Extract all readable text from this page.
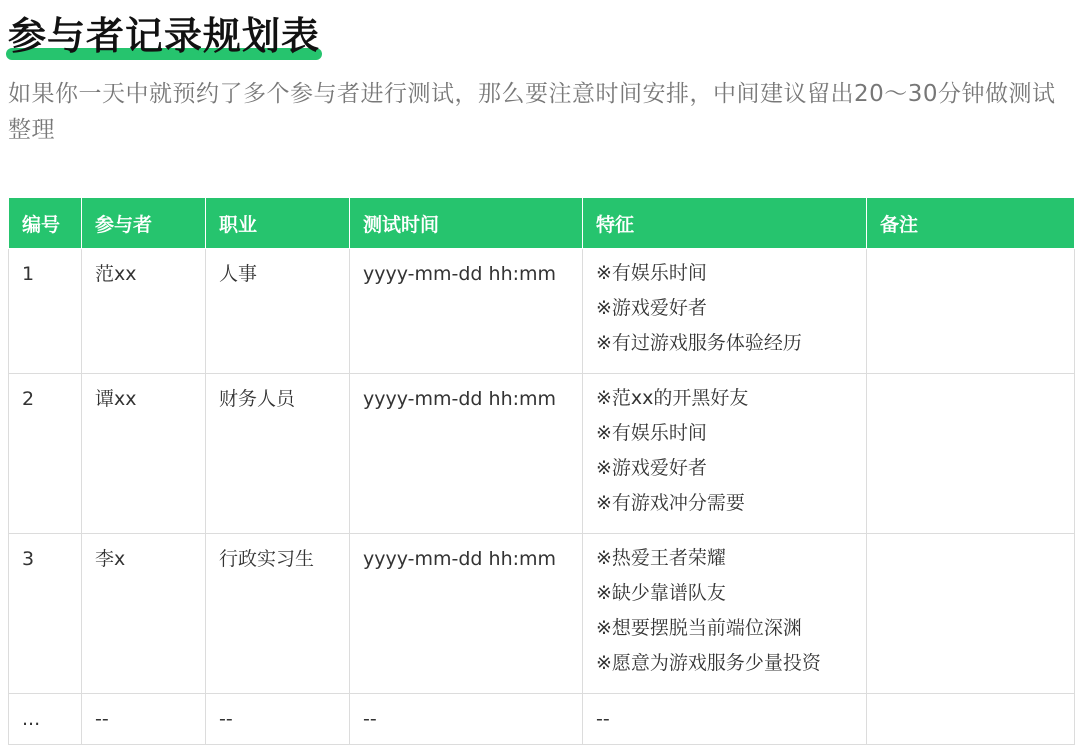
参与者记录规划表
如果你一天中就预约了多个参与者进行测试，那么要注意时间安排，中间建议留出20～30分钟做测试整理
编号	参与者	职业	测试时间	特征	备注

1	范xx	人事	yyyy-mm-dd hh:mm	※有娱乐时间
※游戏爱好者
※有过游戏服务体验经历	

2	谭xx	财务人员	yyyy-mm-dd hh:mm	※范xx的开黑好友
※有娱乐时间
※游戏爱好者
※有游戏冲分需要	

3	李x	行政实习生	yyyy-mm-dd hh:mm	※热爱王者荣耀
※缺少靠谱队友
※想要摆脱当前端位深渊
※愿意为游戏服务少量投资	

...	--	--	--	--	
